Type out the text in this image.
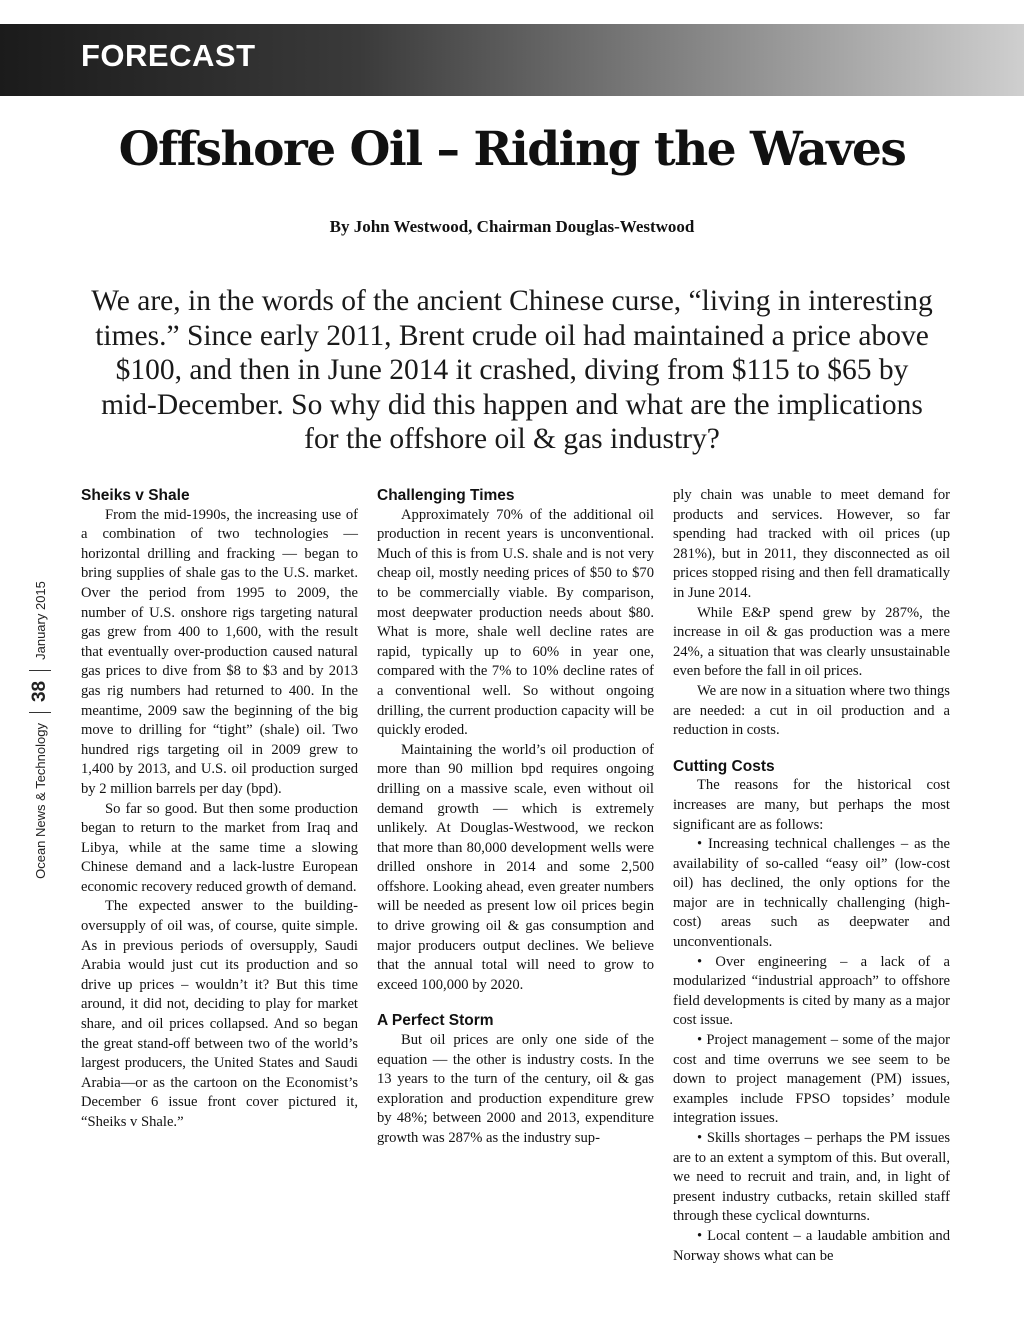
FORECAST
Offshore Oil – Riding the Waves
By John Westwood, Chairman Douglas-Westwood
We are, in the words of the ancient Chinese curse, “living in interesting times.” Since early 2011, Brent crude oil had maintained a price above $100, and then in June 2014 it crashed, diving from $115 to $65 by mid-December. So why did this happen and what are the implications for the offshore oil & gas industry?
Ocean News & Technology
38
January 2015
Sheiks v Shale

From the mid-1990s, the increasing use of a combination of two technologies — horizontal drilling and fracking — began to bring supplies of shale gas to the U.S. market. Over the period from 1995 to 2009, the number of U.S. onshore rigs targeting natural gas grew from 400 to 1,600, with the result that eventually over-production caused natural gas prices to dive from $8 to $3 and by 2013 gas rig numbers had returned to 400. In the meantime, 2009 saw the beginning of the big move to drilling for “tight” (shale) oil. Two hundred rigs targeting oil in 2009 grew to 1,400 by 2013, and U.S. oil production surged by 2 million barrels per day (bpd).

So far so good. But then some production began to return to the market from Iraq and Libya, while at the same time a slowing Chinese demand and a lack-lustre European economic recovery reduced growth of demand.

The expected answer to the building-oversupply of oil was, of course, quite simple. As in previous periods of oversupply, Saudi Arabia would just cut its production and so drive up prices – wouldn’t it? But this time around, it did not, deciding to play for market share, and oil prices collapsed. And so began the great stand-off between two of the world’s largest producers, the United States and Saudi Arabia—or as the cartoon on the Economist’s December 6 issue front cover pictured it, “Sheiks v Shale.”

Challenging Times

Approximately 70% of the additional oil production in recent years is unconventional. Much of this is from U.S. shale and is not very cheap oil, mostly needing prices of $50 to $70 to be commercially viable. By comparison, most deepwater production needs about $80. What is more, shale well decline rates are rapid, typically up to 60% in year one, compared with the 7% to 10% decline rates of a conventional well. So without ongoing drilling, the current production capacity will be quickly eroded.

Maintaining the world’s oil production of more than 90 million bpd requires ongoing drilling on a massive scale, even without oil demand growth — which is extremely unlikely. At Douglas-Westwood, we reckon that more than 80,000 development wells were drilled onshore in 2014 and some 2,500 offshore. Looking ahead, even greater numbers will be needed as present low oil prices begin to drive growing oil & gas consumption and major producers output declines. We believe that the annual total will need to grow to exceed 100,000 by 2020.

A Perfect Storm

But oil prices are only one side of the equation — the other is industry costs. In the 13 years to the turn of the century, oil & gas exploration and production expenditure grew by 48%; between 2000 and 2013, expenditure growth was 287% as the industry sup-

ply chain was unable to meet demand for products and services. However, so far spending had tracked with oil prices (up 281%), but in 2011, they disconnected as oil prices stopped rising and then fell dramatically in June 2014.

While E&P spend grew by 287%, the increase in oil & gas production was a mere 24%, a situation that was clearly unsustainable even before the fall in oil prices.

We are now in a situation where two things are needed: a cut in oil production and a reduction in costs.

Cutting Costs

The reasons for the historical cost increases are many, but perhaps the most significant are as follows:

• Increasing technical challenges – as the availability of so-called “easy oil” (low-cost oil) has declined, the only options for the major are in technically challenging (high-cost) areas such as deepwater and unconventionals.

• Over engineering – a lack of a modularized “industrial approach” to offshore field developments is cited by many as a major cost issue.

• Project management – some of the major cost and time overruns we see seem to be down to project management (PM) issues, examples include FPSO topsides’ module integration issues.

• Skills shortages – perhaps the PM issues are to an extent a symptom of this. But overall, we need to recruit and train, and, in light of present industry cutbacks, retain skilled staff through these cyclical downturns.

• Local content – a laudable ambition and Norway shows what can be
